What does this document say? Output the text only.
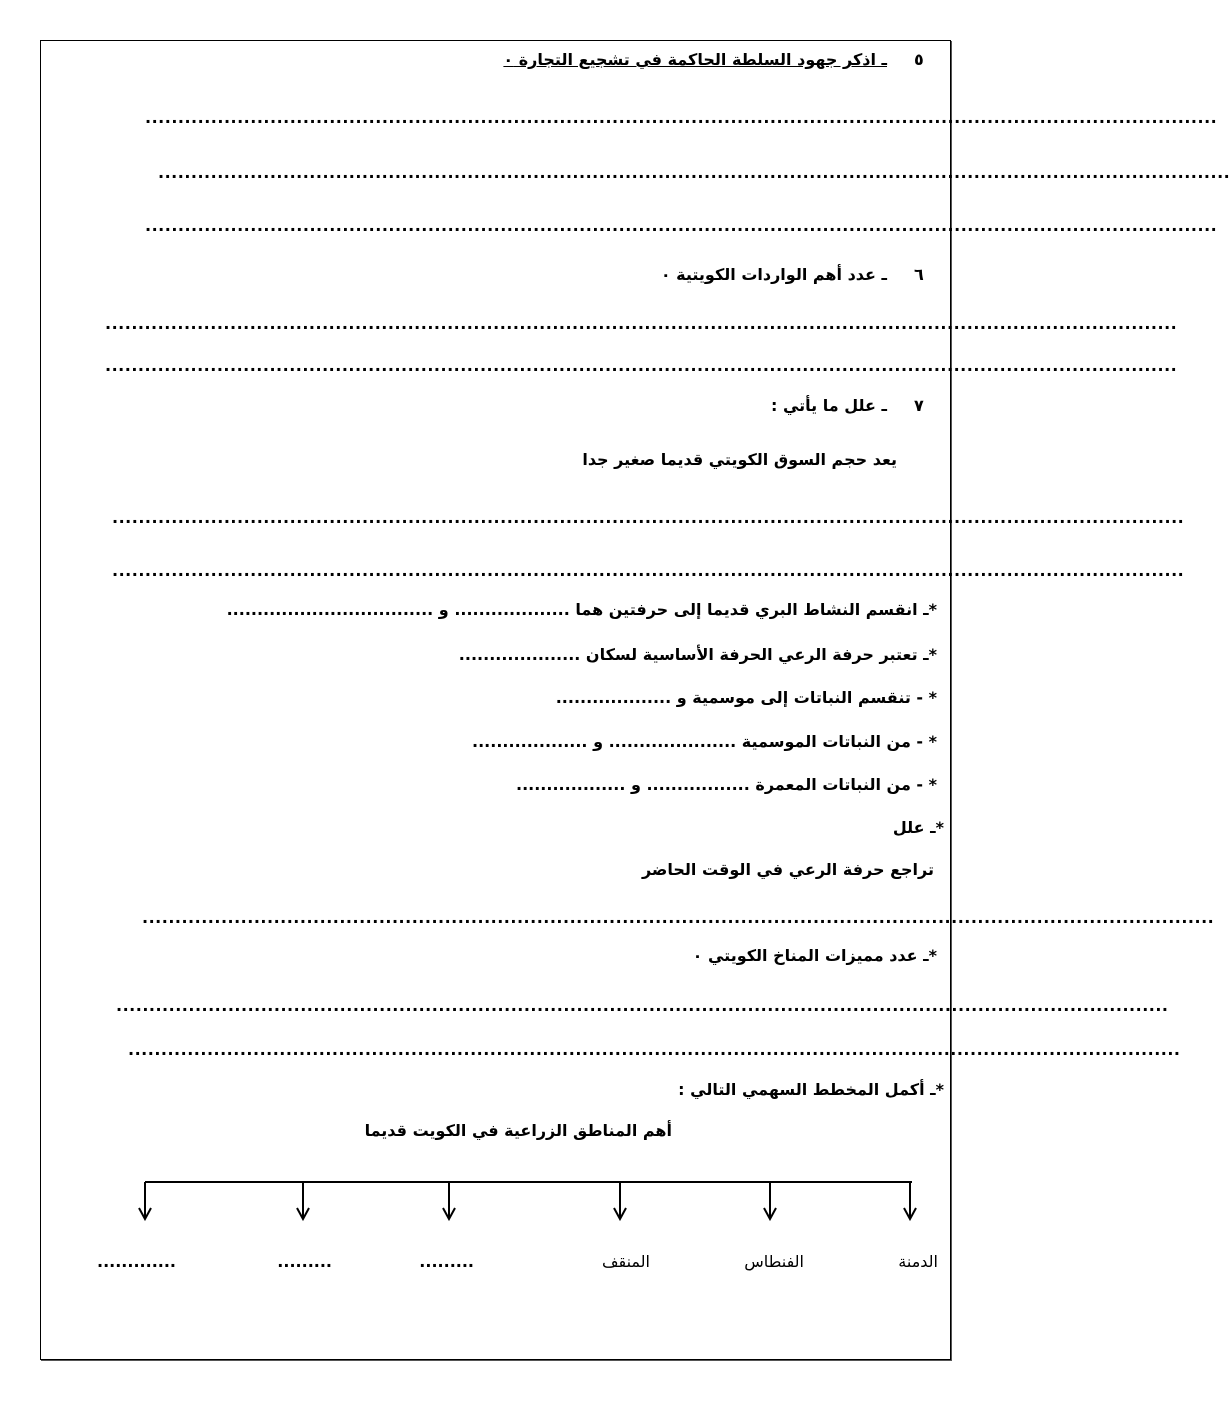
٥
ـ اذكر جهود السلطة الحاكمة في تشجيع التجارة ٠
...................................................................................................................................................................
...................................................................................................................................................................
...................................................................................................................................................................
٦
ـ عدد أهم الواردات الكويتية ٠
...................................................................................................................................................................
...................................................................................................................................................................
٧
ـ علل ما يأتي :
يعد حجم السوق الكويتي قديما صغير جدا
...................................................................................................................................................................
...................................................................................................................................................................
*ـ انقسم النشاط البري قديما إلى حرفتين هما ................... و ..................................
*ـ تعتبر حرفة الرعي الحرفة الأساسية لسكان ....................
* - تنقسم النباتات إلى موسمية و ...................
* - من النباتات الموسمية ..................... و ...................
* - من النباتات المعمرة ................. و ..................
*ـ علل
تراجع حرفة الرعي في الوقت الحاضر
...................................................................................................................................................................
*ـ عدد مميزات المناخ الكويتي ٠
................................................................................................................................................................
................................................................................................................................................................
*ـ أكمل المخطط السهمي التالي :
أهم المناطق الزراعية في الكويت قديما
الدمنة
الفنطاس
المنقف
.........
.........
.............
